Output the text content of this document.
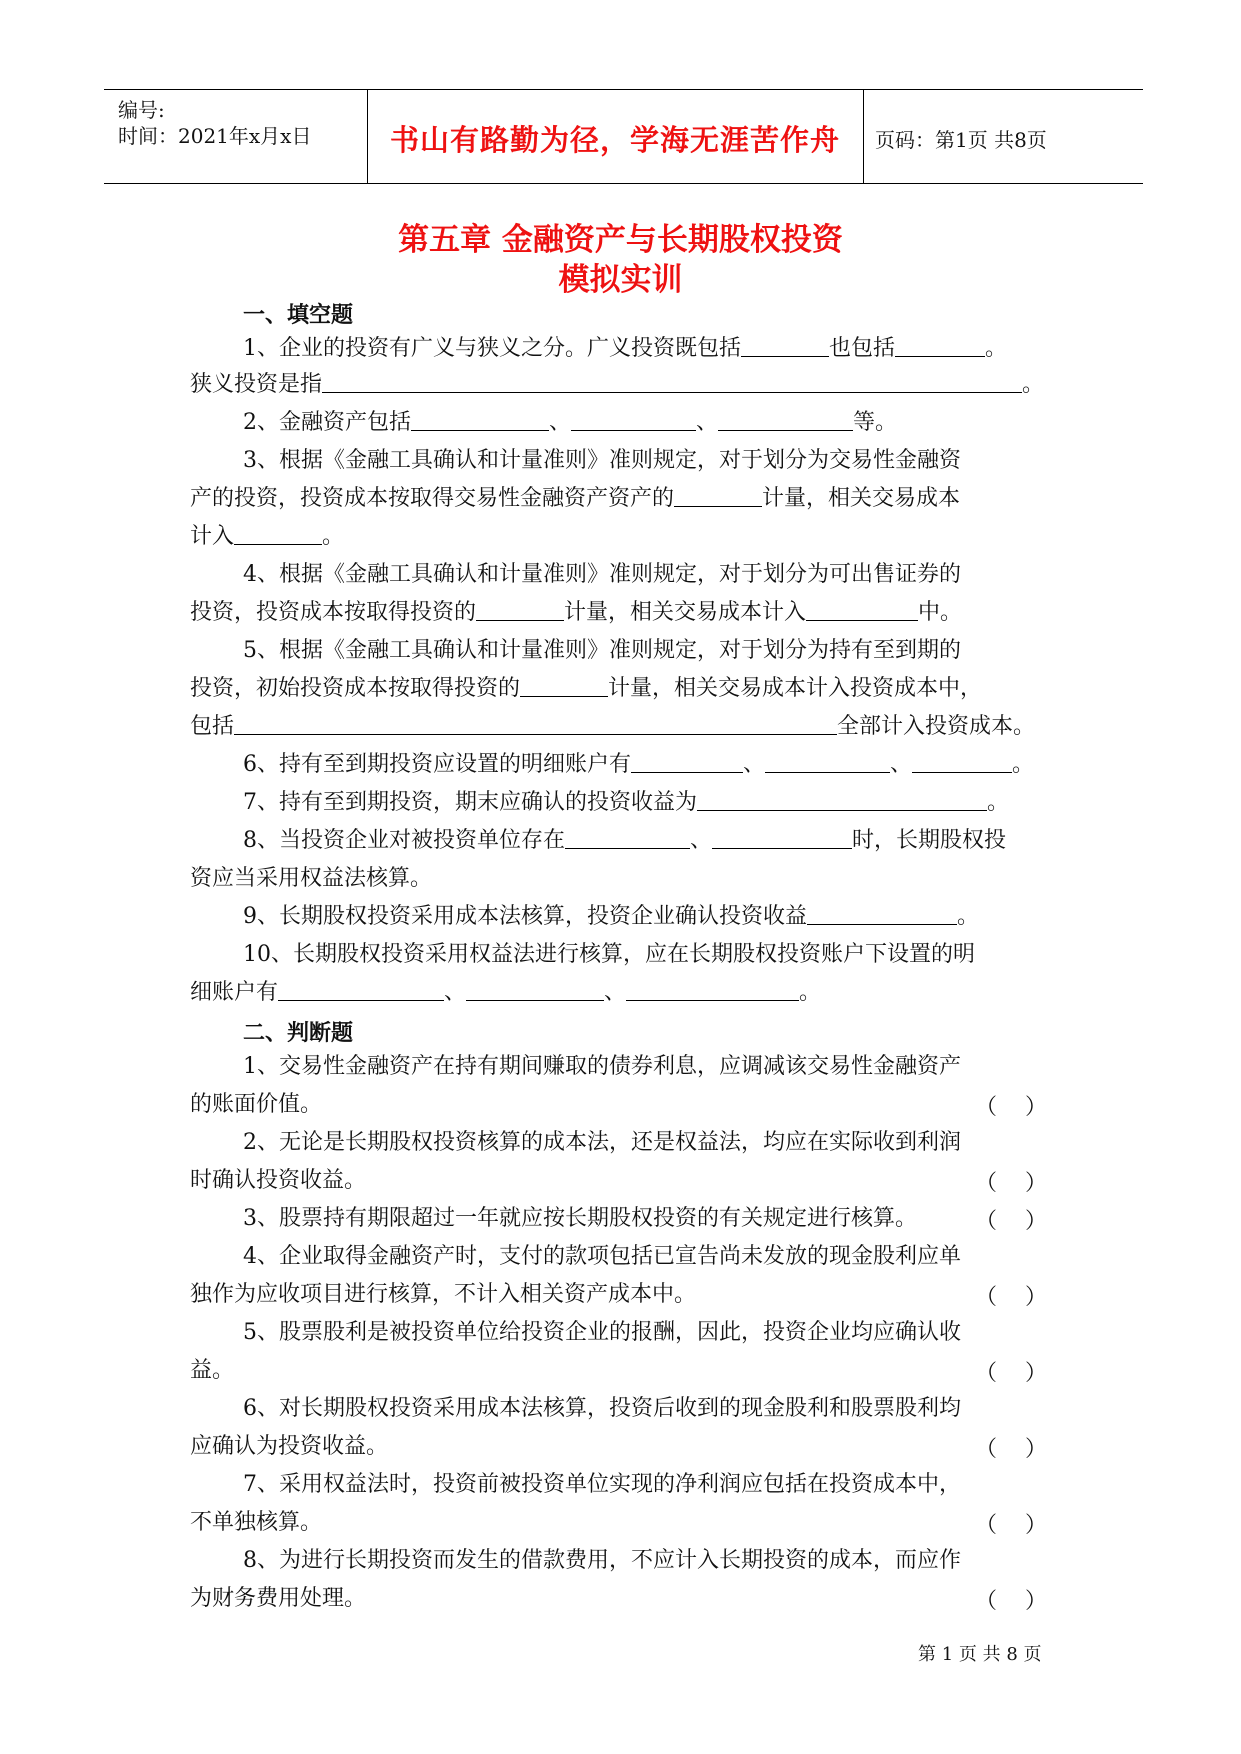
编号:
时间：2021年x月x日	书山有路勤为径，学海无涯苦作舟	页码：第1页 共8页
第五章 金融资产与长期股权投资
模拟实训
一、填空题
1、企业的投资有广义与狭义之分。广义投资既包括	也包括	。
狭义投资是指	。
2、金融资产包括	、	、	等。
3、根据《金融工具确认和计量准则》准则规定，对于划分为交易性金融资
产的投资，投资成本按取得交易性金融资产资产的	计量，相关交易成本
计入	。
4、根据《金融工具确认和计量准则》准则规定，对于划分为可出售证券的
投资，投资成本按取得投资的	计量，相关交易成本计入	中。
5、根据《金融工具确认和计量准则》准则规定，对于划分为持有至到期的
投资，初始投资成本按取得投资的	计量，相关交易成本计入投资成本中，
包括	全部计入投资成本。
6、持有至到期投资应设置的明细账户有	、	、	。
7、持有至到期投资，期末应确认的投资收益为	。
8、当投资企业对被投资单位存在	、	时，长期股权投
资应当采用权益法核算。
9、长期股权投资采用成本法核算，投资企业确认投资收益	。
10、长期股权投资采用权益法进行核算，应在长期股权投资账户下设置的明
细账户有	、	、	。
二、判断题
1、交易性金融资产在持有期间赚取的债券利息，应调减该交易性金融资产
的账面价值。	（    ）
2、无论是长期股权投资核算的成本法，还是权益法，均应在实际收到利润
时确认投资收益。	（    ）
3、股票持有期限超过一年就应按长期股权投资的有关规定进行核算。	（    ）
4、企业取得金融资产时，支付的款项包括已宣告尚未发放的现金股利应单
独作为应收项目进行核算，不计入相关资产成本中。	（    ）
5、股票股利是被投资单位给投资企业的报酬，因此，投资企业均应确认收
益。	（    ）
6、对长期股权投资采用成本法核算，投资后收到的现金股利和股票股利均
应确认为投资收益。	（    ）
7、采用权益法时，投资前被投资单位实现的净利润应包括在投资成本中，
不单独核算。	（    ）
8、为进行长期投资而发生的借款费用，不应计入长期投资的成本，而应作
为财务费用处理。	（    ）
第 1 页 共 8 页
